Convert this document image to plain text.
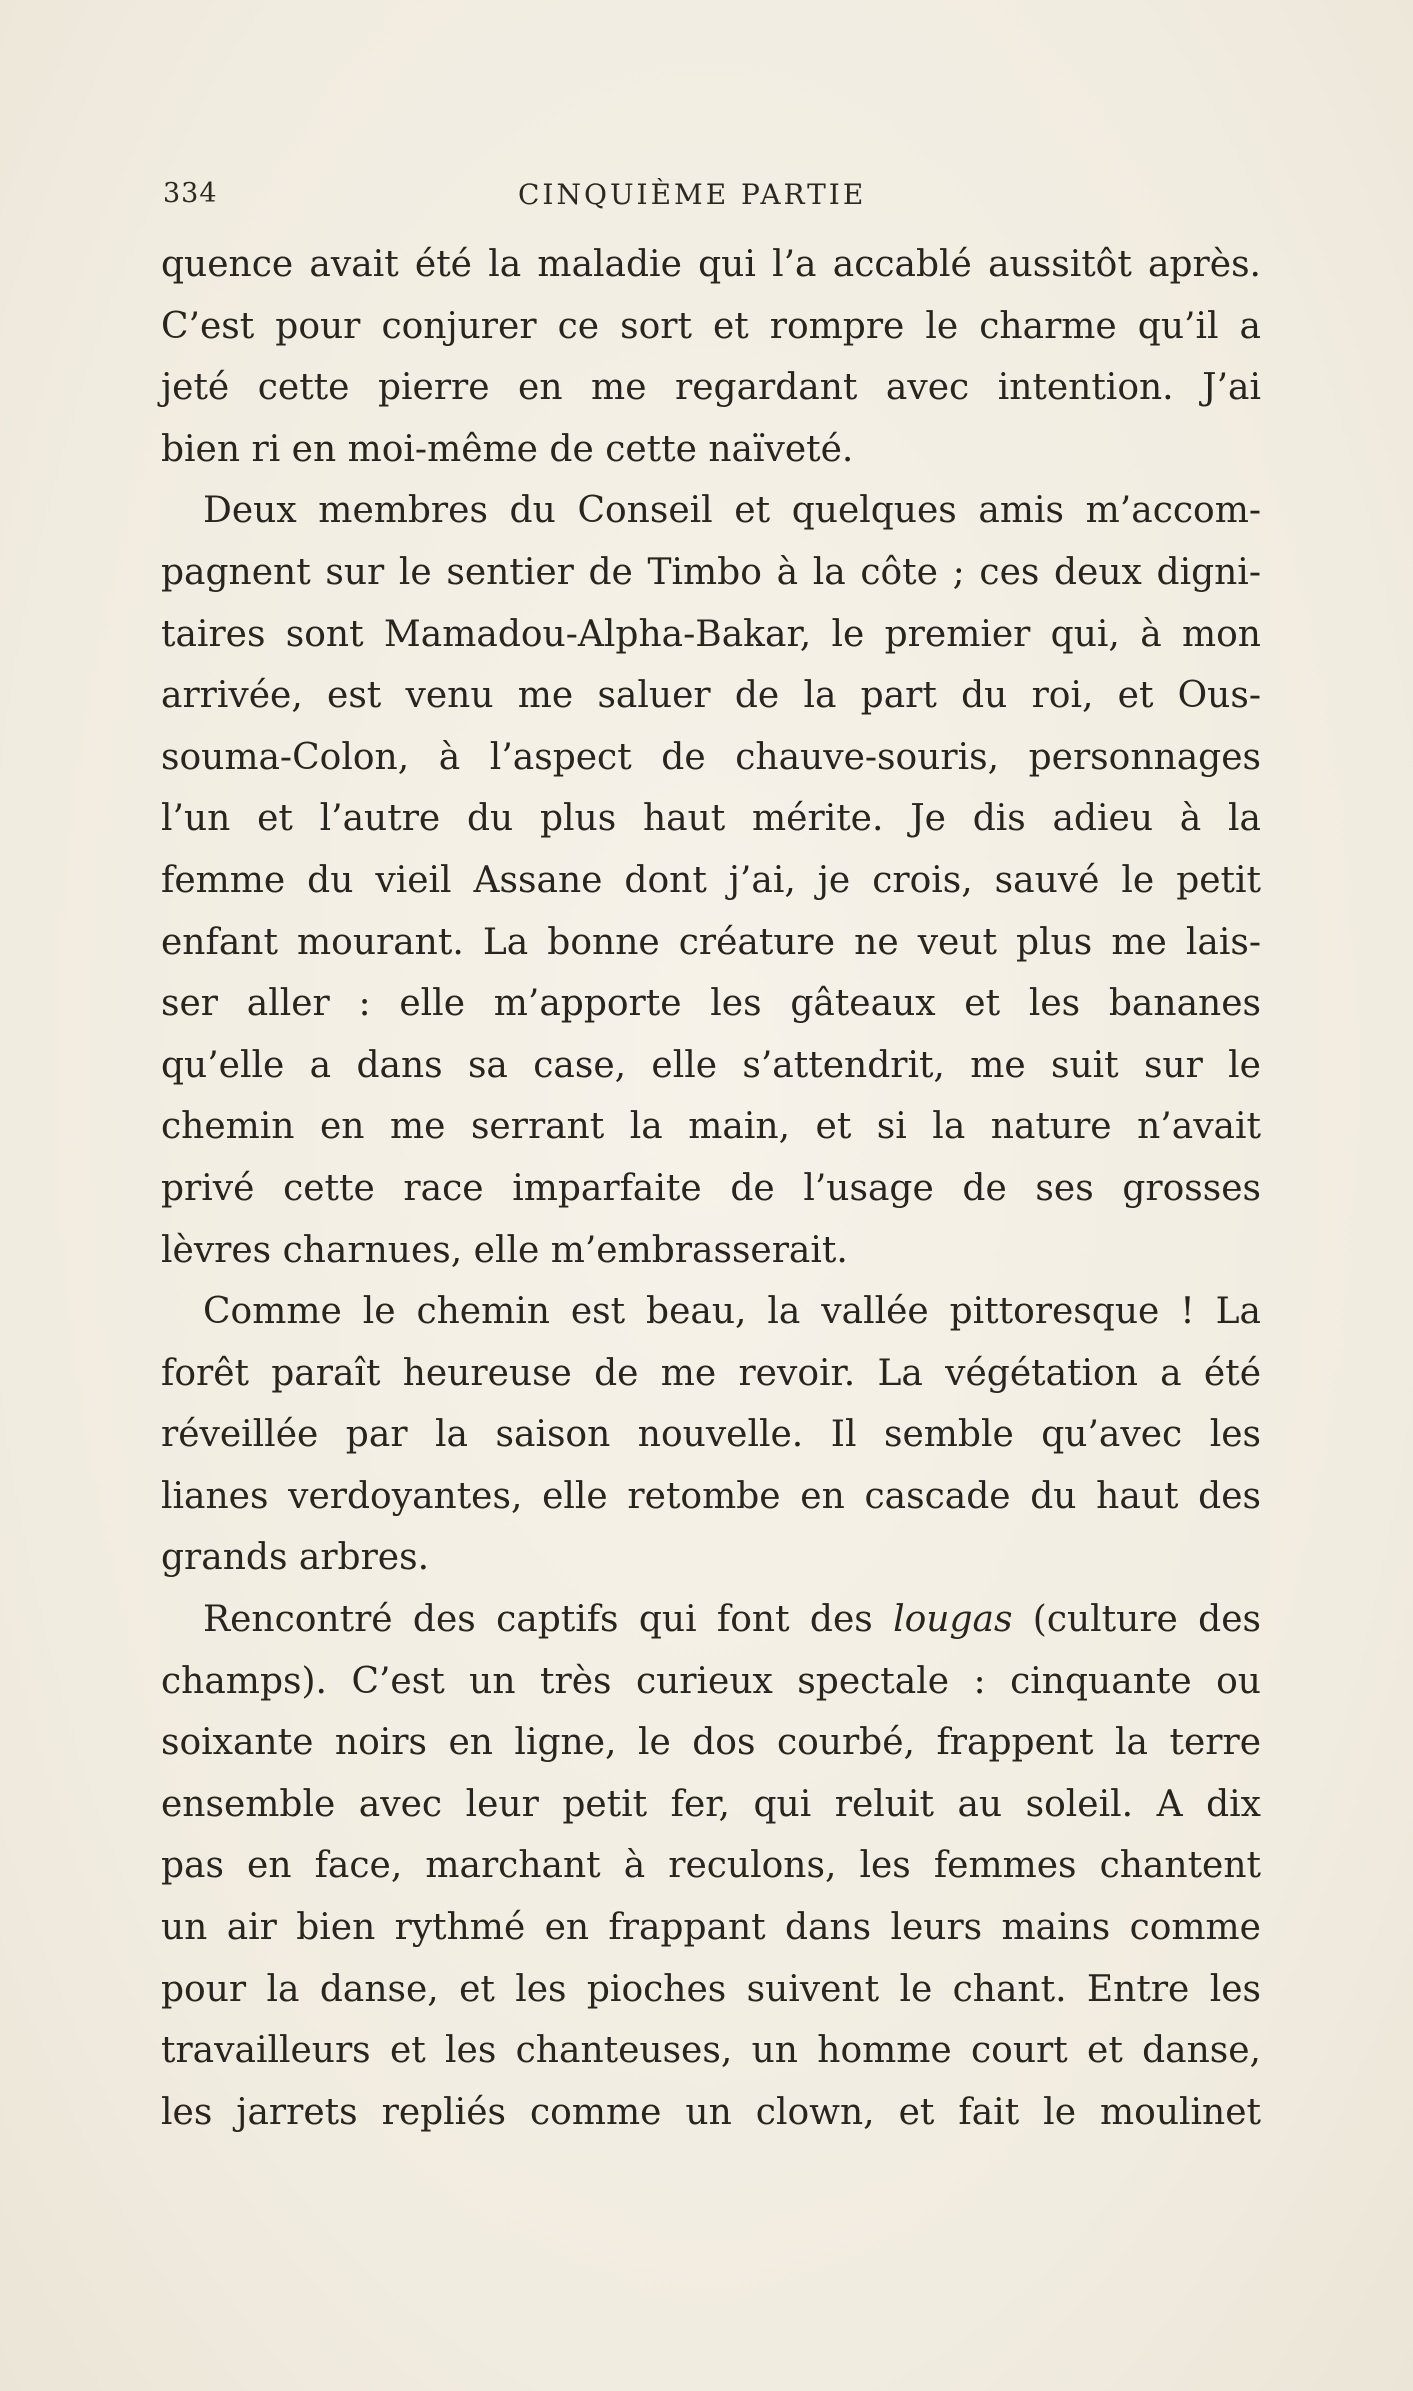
334	CINQUIÈME PARTIE

quence avait été la maladie qui l’a accablé aussitôt après.
C’est pour conjurer ce sort et rompre le charme qu’il a
jeté cette pierre en me regardant avec intention. J’ai
bien ri en moi-même de cette naïveté.

Deux membres du Conseil et quelques amis m’accom-
pagnent sur le sentier de Timbo à la côte ; ces deux digni-
taires sont Mamadou-Alpha-Bakar, le premier qui, à mon
arrivée, est venu me saluer de la part du roi, et Ous-
souma-Colon, à l’aspect de chauve-souris, personnages
l’un et l’autre du plus haut mérite. Je dis adieu à la
femme du vieil Assane dont j’ai, je crois, sauvé le petit
enfant mourant. La bonne créature ne veut plus me lais-
ser aller : elle m’apporte les gâteaux et les bananes
qu’elle a dans sa case, elle s’attendrit, me suit sur le
chemin en me serrant la main, et si la nature n’avait
privé cette race imparfaite de l’usage de ses grosses
lèvres charnues, elle m’embrasserait.

Comme le chemin est beau, la vallée pittoresque ! La
forêt paraît heureuse de me revoir. La végétation a été
réveillée par la saison nouvelle. Il semble qu’avec les
lianes verdoyantes, elle retombe en cascade du haut des
grands arbres.

Rencontré des captifs qui font des lougas (culture des
champs). C’est un très curieux spectale : cinquante ou
soixante noirs en ligne, le dos courbé, frappent la terre
ensemble avec leur petit fer, qui reluit au soleil. A dix
pas en face, marchant à reculons, les femmes chantent
un air bien rythmé en frappant dans leurs mains comme
pour la danse, et les pioches suivent le chant. Entre les
travailleurs et les chanteuses, un homme court et danse,
les jarrets repliés comme un clown, et fait le moulinet
